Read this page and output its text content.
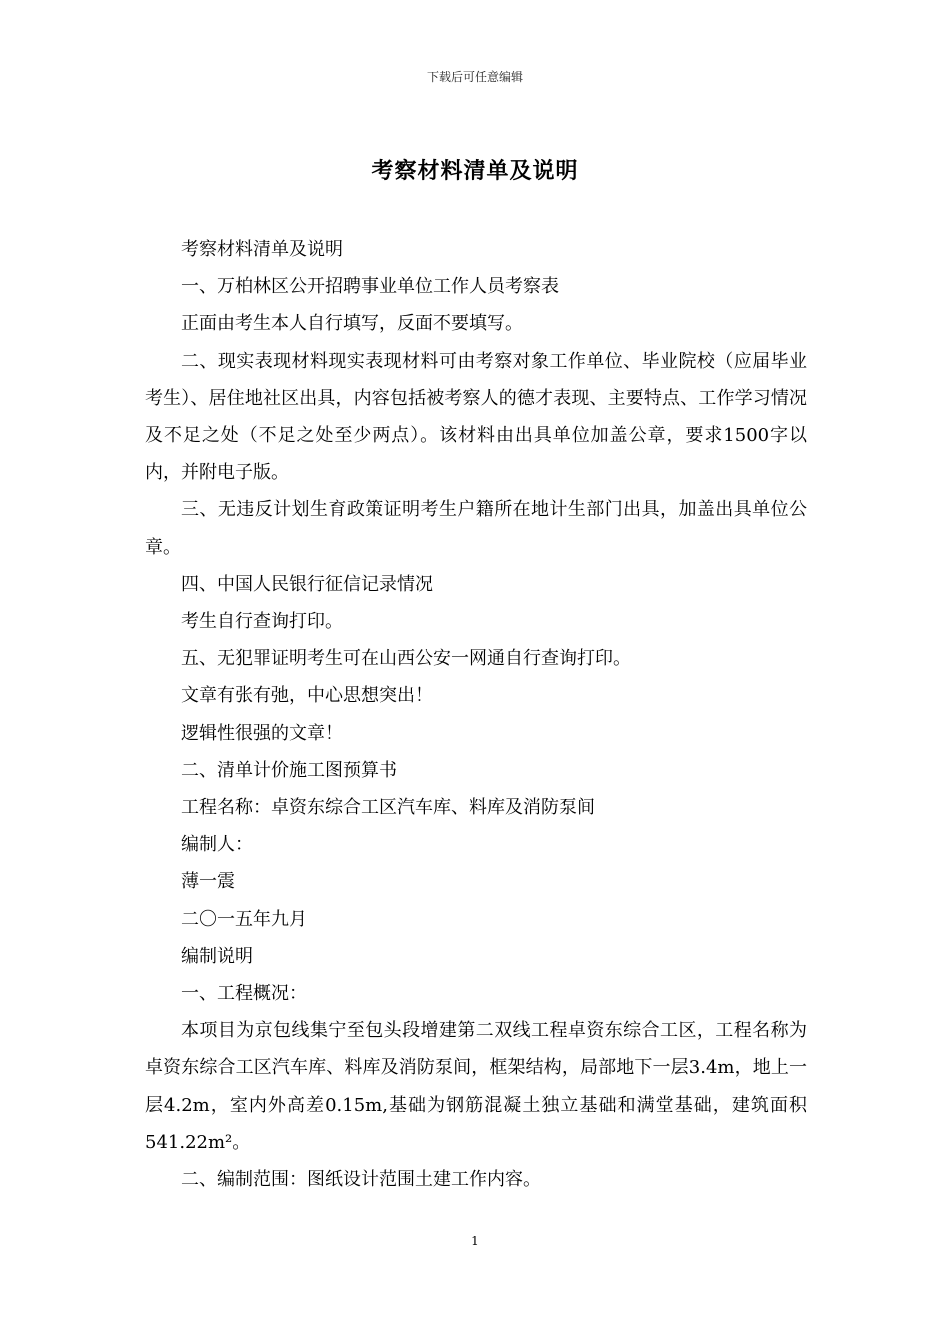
下载后可任意编辑
考察材料清单及说明

考察材料清单及说明

一、万柏林区公开招聘事业单位工作人员考察表

正面由考生本人自行填写，反面不要填写。

二、现实表现材料现实表现材料可由考察对象工作单位、毕业院校（应届毕业考生）、居住地社区出具，内容包括被考察人的德才表现、主要特点、工作学习情况及不足之处（不足之处至少两点）。该材料由出具单位加盖公章，要求1500字以内，并附电子版。

三、无违反计划生育政策证明考生户籍所在地计生部门出具，加盖出具单位公章。

四、中国人民银行征信记录情况

考生自行查询打印。

五、无犯罪证明考生可在山西公安一网通自行查询打印。

文章有张有弛，中心思想突出！

逻辑性很强的文章！

二、清单计价施工图预算书

工程名称：卓资东综合工区汽车库、料库及消防泵间

编制人：

薄一震

二〇一五年九月

编制说明

一、工程概况：

本项目为京包线集宁至包头段增建第二双线工程卓资东综合工区，工程名称为卓资东综合工区汽车库、料库及消防泵间，框架结构，局部地下一层3.4m，地上一层4.2m，室内外高差0.15m,基础为钢筋混凝土独立基础和满堂基础，建筑面积541.22m²。

二、编制范围：图纸设计范围土建工作内容。

1
